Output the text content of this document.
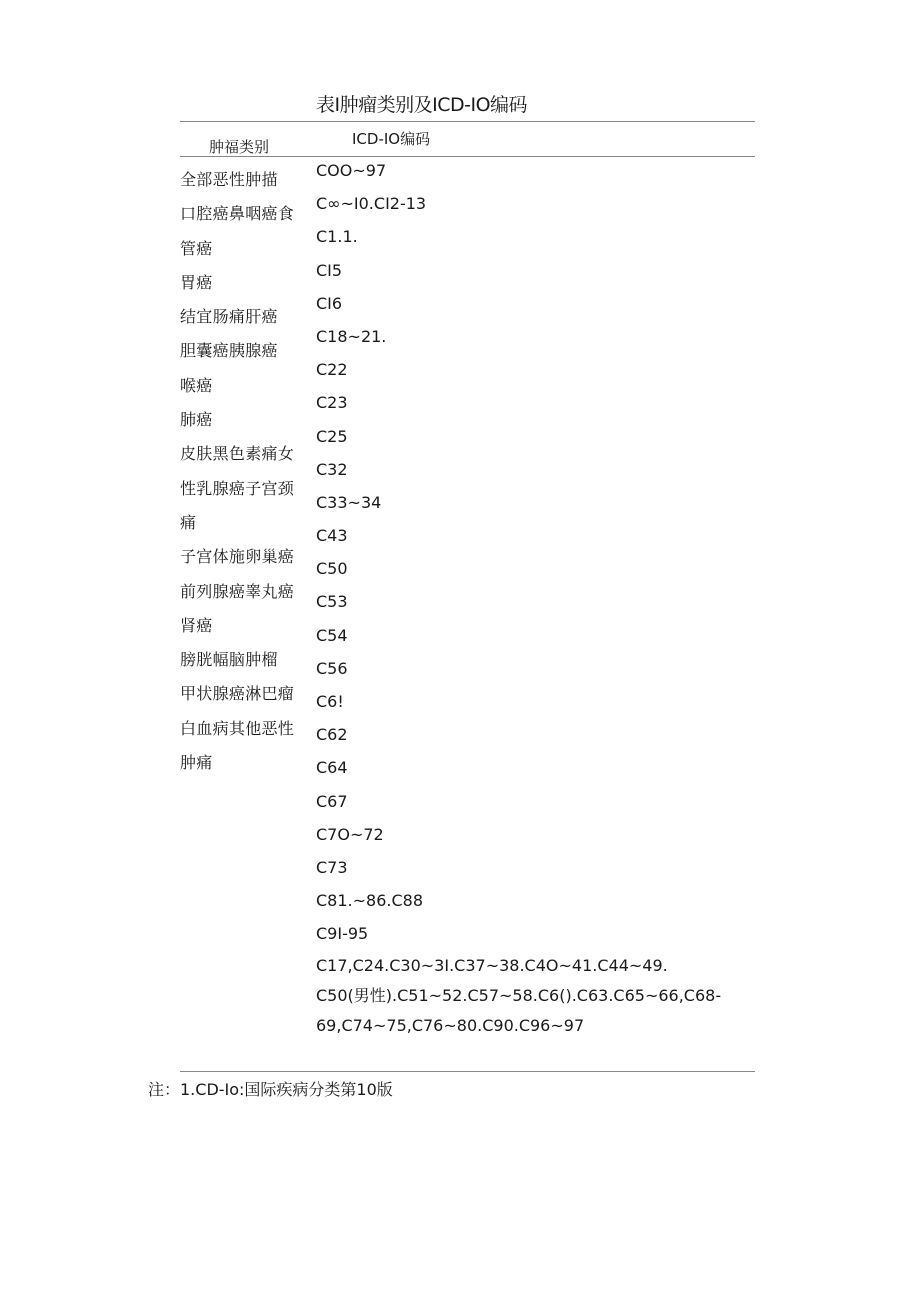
表I肿瘤类别及ICD-IO编码
肿福类别	ICD-IO编码
全部恶性肿描
口腔癌鼻咽癌食
管癌
胃癌
结宜肠痛肝癌
胆囊癌胰腺癌
喉癌
肺癌
皮肤黑色素痛女
性乳腺癌子宫颈
痛
子宫体施卵巢癌
前列腺癌睾丸癌
肾癌
膀胱幅脑肿榴
甲状腺癌淋巴瘤
白血病其他恶性
肿痛
COO~97
C∞~I0.CI2-13
C1.1.
CI5
CI6
C18~21.
C22
C23
C25
C32
C33~34
C43
C50
C53
C54
C56
C6!
C62
C64
C67
C7O~72
C73
C81.~86.C88
C9I-95
C17,C24.C30~3I.C37~38.C4O~41.C44~49.
C50(男性).C51~52.C57~58.C6().C63.C65~66,C68-
69,C74~75,C76~80.C90.C96~97
注：1.CD-Io:国际疾病分类第10版
